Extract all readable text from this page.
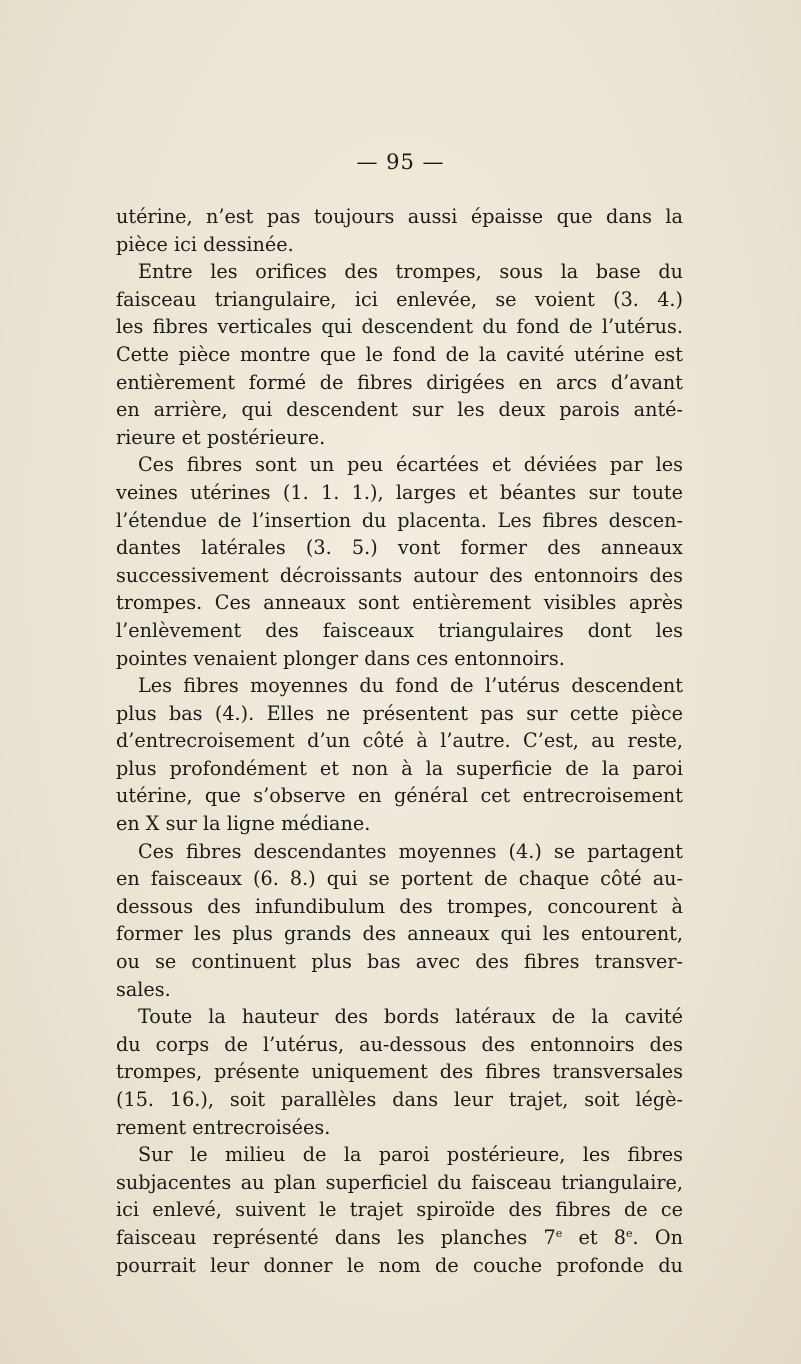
— 95 —
utérine, n’est pas toujours aussi épaisse que dans la
pièce ici dessinée.
Entre les orifices des trompes, sous la base du
faisceau triangulaire, ici enlevée, se voient (3. 4.)
les fibres verticales qui descendent du fond de l’utérus.
Cette pièce montre que le fond de la cavité utérine est
entièrement formé de fibres dirigées en arcs d’avant
en arrière, qui descendent sur les deux parois anté-
rieure et postérieure.
Ces fibres sont un peu écartées et déviées par les
veines utérines (1. 1. 1.), larges et béantes sur toute
l’étendue de l’insertion du placenta. Les fibres descen-
dantes latérales (3. 5.) vont former des anneaux
successivement décroissants autour des entonnoirs des
trompes. Ces anneaux sont entièrement visibles après
l’enlèvement des faisceaux triangulaires dont les
pointes venaient plonger dans ces entonnoirs.
Les fibres moyennes du fond de l’utérus descendent
plus bas (4.). Elles ne présentent pas sur cette pièce
d’entrecroisement d’un côté à l’autre. C’est, au reste,
plus profondément et non à la superficie de la paroi
utérine, que s’observe en général cet entrecroisement
en X sur la ligne médiane.
Ces fibres descendantes moyennes (4.) se partagent
en faisceaux (6. 8.) qui se portent de chaque côté au-
dessous des infundibulum des trompes, concourent à
former les plus grands des anneaux qui les entourent,
ou se continuent plus bas avec des fibres transver-
sales.
Toute la hauteur des bords latéraux de la cavité
du corps de l’utérus, au-dessous des entonnoirs des
trompes, présente uniquement des fibres transversales
(15. 16.), soit parallèles dans leur trajet, soit légè-
rement entrecroisées.
Sur le milieu de la paroi postérieure, les fibres
subjacentes au plan superficiel du faisceau triangulaire,
ici enlevé, suivent le trajet spiroïde des fibres de ce
faisceau représenté dans les planches 7e et 8e. On
pourrait leur donner le nom de couche profonde du
